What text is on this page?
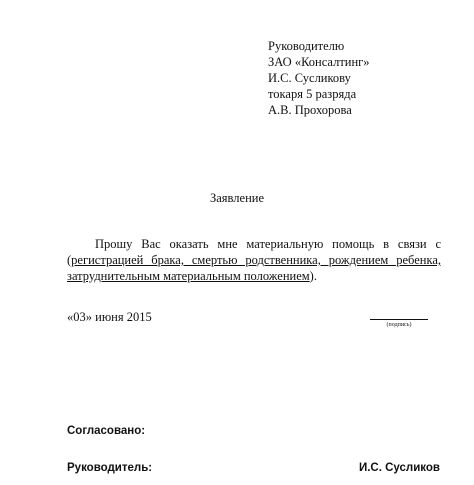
Руководителю
ЗАО «Консалтинг»
И.С. Сусликову
токаря 5 разряда
А.В. Прохорова
Заявление
Прошу Вас оказать мне материальную помощь в связи с (регистрацией брака, смертью родственника, рождением ребенка, затруднительным материальным положением).
«03» июня 2015
(подпись)
Согласовано:
Руководитель:	И.С. Сусликов
